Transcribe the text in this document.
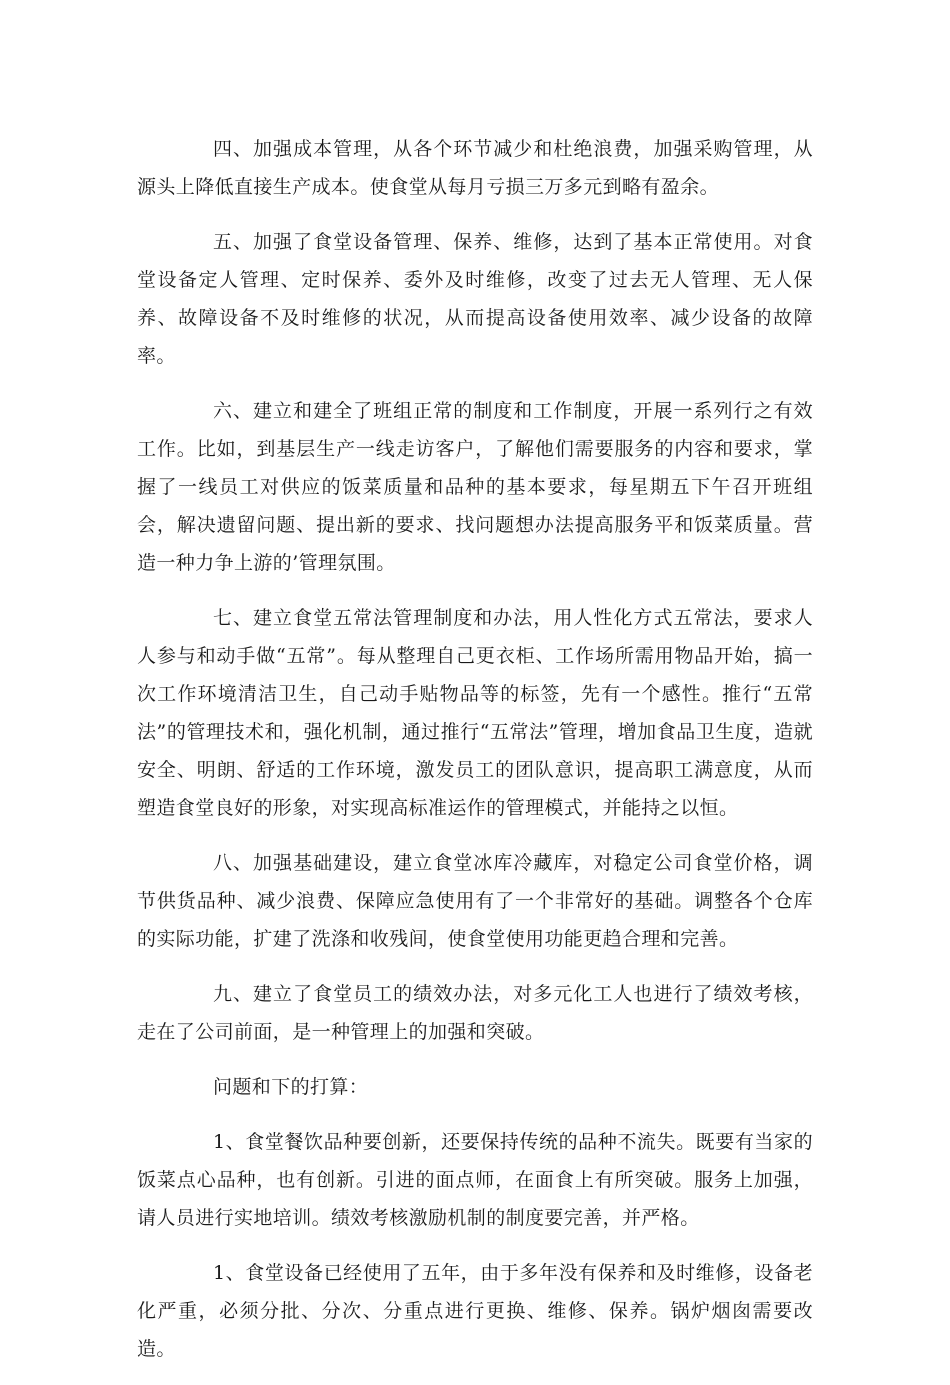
四、加强成本管理，从各个环节减少和杜绝浪费，加强采购管理，从源头上降低直接生产成本。使食堂从每月亏损三万多元到略有盈余。

五、加强了食堂设备管理、保养、维修，达到了基本正常使用。对食堂设备定人管理、定时保养、委外及时维修，改变了过去无人管理、无人保养、故障设备不及时维修的状况，从而提高设备使用效率、减少设备的故障率。

六、建立和建全了班组正常的制度和工作制度，开展一系列行之有效工作。比如，到基层生产一线走访客户，了解他们需要服务的内容和要求，掌握了一线员工对供应的饭菜质量和品种的基本要求，每星期五下午召开班组会，解决遗留问题、提出新的要求、找问题想办法提高服务平和饭菜质量。营造一种力争上游的’管理氛围。

七、建立食堂五常法管理制度和办法，用人性化方式五常法，要求人人参与和动手做“五常”。每从整理自己更衣柜、工作场所需用物品开始，搞一次工作环境清洁卫生，自己动手贴物品等的标签，先有一个感性。推行“五常法”的管理技术和，强化机制，通过推行“五常法”管理，增加食品卫生度，造就安全、明朗、舒适的工作环境，激发员工的团队意识，提高职工满意度，从而塑造食堂良好的形象，对实现高标准运作的管理模式，并能持之以恒。

八、加强基础建设，建立食堂冰库冷藏库，对稳定公司食堂价格，调节供货品种、减少浪费、保障应急使用有了一个非常好的基础。调整各个仓库的实际功能，扩建了洗涤和收残间，使食堂使用功能更趋合理和完善。

九、建立了食堂员工的绩效办法，对多元化工人也进行了绩效考核，走在了公司前面，是一种管理上的加强和突破。

问题和下的打算：

1、食堂餐饮品种要创新，还要保持传统的品种不流失。既要有当家的饭菜点心品种，也有创新。引进的面点师，在面食上有所突破。服务上加强，请人员进行实地培训。绩效考核激励机制的制度要完善，并严格。

1、食堂设备已经使用了五年，由于多年没有保养和及时维修，设备老化严重，必须分批、分次、分重点进行更换、维修、保养。锅炉烟囱需要改造。
